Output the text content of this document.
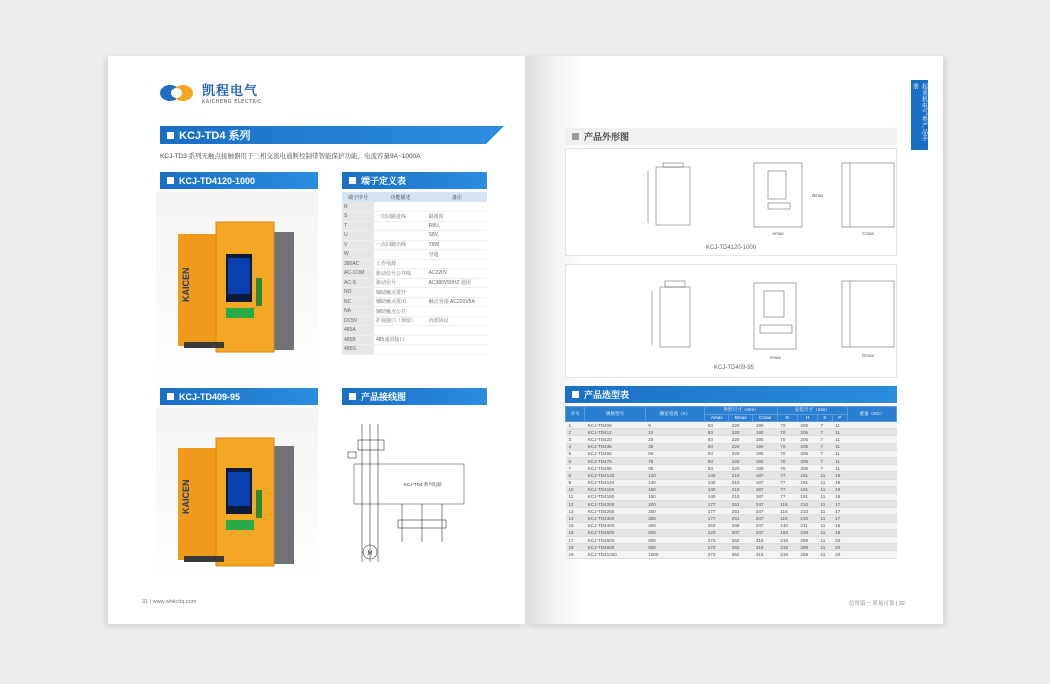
凯程电气
KAICHENG ELECTRIC
KCJ-TD4 系列
KCJ-TD3 系列无触点接触器用于三相交流电通断控制带智能保护功能。电流容量9A~1000A
KCJ-TD4120-1000
KAICEN
KCJ-TD409-95
KAICEN
端子定义表
端子序号	功能描述	备注
R		
S	一次回路进线	隔离时
T		R8U,
U		S8V,
V	一次回路出线	T8W
W		导通
380AC	工作电源	
AC-COM	驱动信号公共线	AC220V
AC-S	驱动信号	AC380V50HZ 通用
NO	辅助触点常开	
NC	辅助触点常闭	触点容量 AC220V5A
NA	辅助触点公共	
DC5V	扩展接口（预留）	内部协议
485A		
485B	485通讯接口	
485G		
产品接线图
M
KCJ-TD4 系列电路
31 | www.whkcdq.com
起重机电气类产品手册
产品外形图
Amax
Bmax
Cmax
KCJ-TD4120-1000
Amax	Dmax
KCJ-TD409-95
产品选型表
序号	规格型号	额定电流（A）	外形尺寸（mm）			安装尺寸（mm）				重量（KG）
			Amax	Bmax	Cmax	G	H	S	P	
1	KCJ-TD409	9	93	220	190	70	205	7	11	
2	KCJ-TD412	12	93	220	190	70	205	7	11	
3	KCJ-TD420	20	93	220	190	70	205	7	11	
4	KCJ-TD435	35	93	220	190	70	205	7	11	
5	KCJ-TD455	55	93	220	190	70	205	7	11	
6	KCJ-TD475	75	93	220	190	70	205	7	11	
7	KCJ-TD495	95	93	220	190	70	205	7	11	
8	KCJ-TD4120	120	140	210	187	77	191	11	19	
9	KCJ-TD4140	140	140	210	187	77	191	11	19	
10	KCJ-TD4160	160	140	210	187	77	191	11	19	
11	KCJ-TD4180	180	140	210	187	77	191	11	19	
12	KCJ-TD4200	200	177	251	247	116	210	11	17	
13	KCJ-TD4250	250	177	251	247	116	210	11	17	
14	KCJ-TD4300	300	177	251	247	116	210	11	17	
15	KCJ-TD4400	400	253	269	247	140	211	11	19	
16	KCJ-TD4500	500	223	307	247	163	238	11	19	
17	KCJ-TD4600	600	273	362	318	219	289	11	20	
18	KCJ-TD4800	800	273	362	318	219	289	11	20	
19	KCJ-TD41000	1000	273	362	318	219	289	11	20	
信誉第一 质量可靠 | 32
